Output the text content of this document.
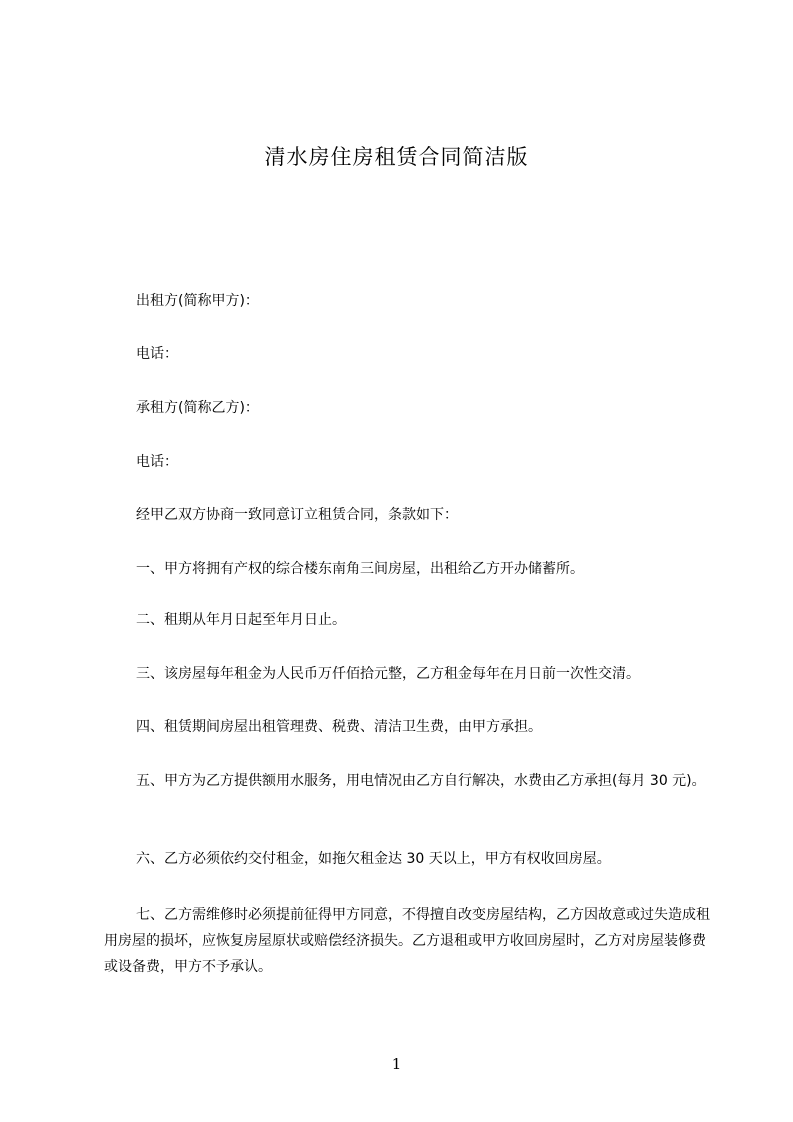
清水房住房租赁合同简洁版
出租方(简称甲方)：
电话：
承租方(简称乙方)：
电话：
经甲乙双方协商一致同意订立租赁合同，条款如下：
一、甲方将拥有产权的综合楼东南角三间房屋，出租给乙方开办储蓄所。
二、租期从年月日起至年月日止。
三、该房屋每年租金为人民币万仟佰拾元整，乙方租金每年在月日前一次性交清。
四、租赁期间房屋出租管理费、税费、清洁卫生费，由甲方承担。
五、甲方为乙方提供额用水服务，用电情况由乙方自行解决，水费由乙方承担(每月 30 元)。
六、乙方必须依约交付租金，如拖欠租金达 30 天以上，甲方有权收回房屋。
七、乙方需维修时必须提前征得甲方同意，不得擅自改变房屋结构，乙方因故意或过失造成租用房屋的损坏，应恢复房屋原状或赔偿经济损失。乙方退租或甲方收回房屋时，乙方对房屋装修费或设备费，甲方不予承认。
1
